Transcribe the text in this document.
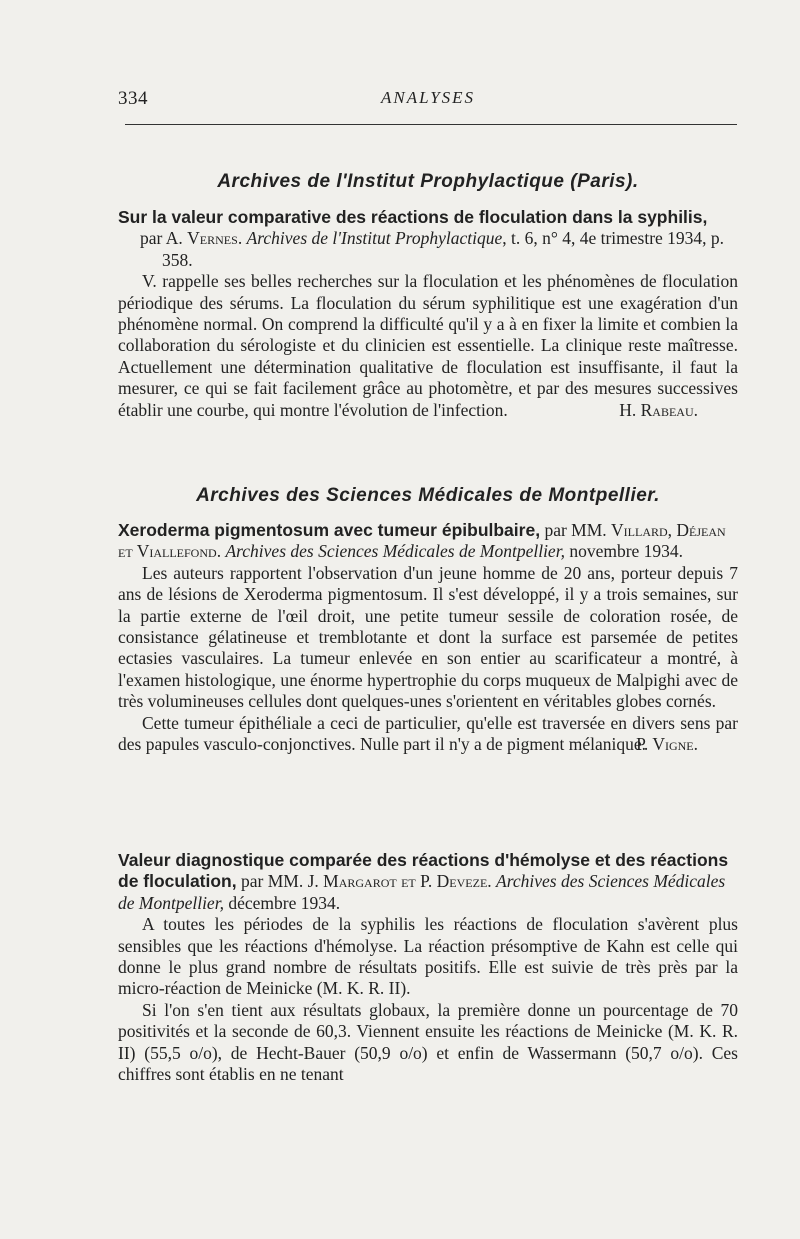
334	ANALYSES
Archives de l'Institut Prophylactique (Paris).
Sur la valeur comparative des réactions de floculation dans la syphilis,
par A. Vernes. Archives de l'Institut Prophylactique, t. 6, n° 4, 4e trimestre 1934, p. 358.

V. rappelle ses belles recherches sur la floculation et les phénomènes de floculation périodique des sérums. La floculation du sérum syphilitique est une exagération d'un phénomène normal. On comprend la difficulté qu'il y a à en fixer la limite et combien la collaboration du sérologiste et du clinicien est essentielle. La clinique reste maîtresse. Actuellement une détermination qualitative de floculation est insuffisante, il faut la mesurer, ce qui se fait facilement grâce au photomètre, et par des mesures successives établir une courbe, qui montre l'évolution de l'infection.	H. Rabeau.
Archives des Sciences Médicales de Montpellier.
Xeroderma pigmentosum avec tumeur épibulbaire, par MM. Villard, Déjean et Viallefond. Archives des Sciences Médicales de Montpellier, novembre 1934.

Les auteurs rapportent l'observation d'un jeune homme de 20 ans, porteur depuis 7 ans de lésions de Xeroderma pigmentosum. Il s'est développé, il y a trois semaines, sur la partie externe de l'œil droit, une petite tumeur sessile de coloration rosée, de consistance gélatineuse et tremblotante et dont la surface est parsemée de petites ectasies vasculaires. La tumeur enlevée en son entier au scarificateur a montré, à l'examen histologique, une énorme hypertrophie du corps muqueux de Malpighi avec de très volumineuses cellules dont quelques-unes s'orientent en véritables globes cornés.

Cette tumeur épithéliale a ceci de particulier, qu'elle est traversée en divers sens par des papules vasculo-conjonctives. Nulle part il n'y a de pigment mélanique.

P. Vigne.
Valeur diagnostique comparée des réactions d'hémolyse et des réactions de floculation, par MM. J. Margarot et P. Deveze. Archives des Sciences Médicales de Montpellier, décembre 1934.

A toutes les périodes de la syphilis les réactions de floculation s'avèrent plus sensibles que les réactions d'hémolyse. La réaction présomptive de Kahn est celle qui donne le plus grand nombre de résultats positifs. Elle est suivie de très près par la micro-réaction de Meinicke (M. K. R. II).

Si l'on s'en tient aux résultats globaux, la première donne un pourcentage de 70 positivités et la seconde de 60,3. Viennent ensuite les réactions de Meinicke (M. K. R. II) (55,5 o/o), de Hecht-Bauer (50,9 o/o) et enfin de Wassermann (50,7 o/o). Ces chiffres sont établis en ne tenant
